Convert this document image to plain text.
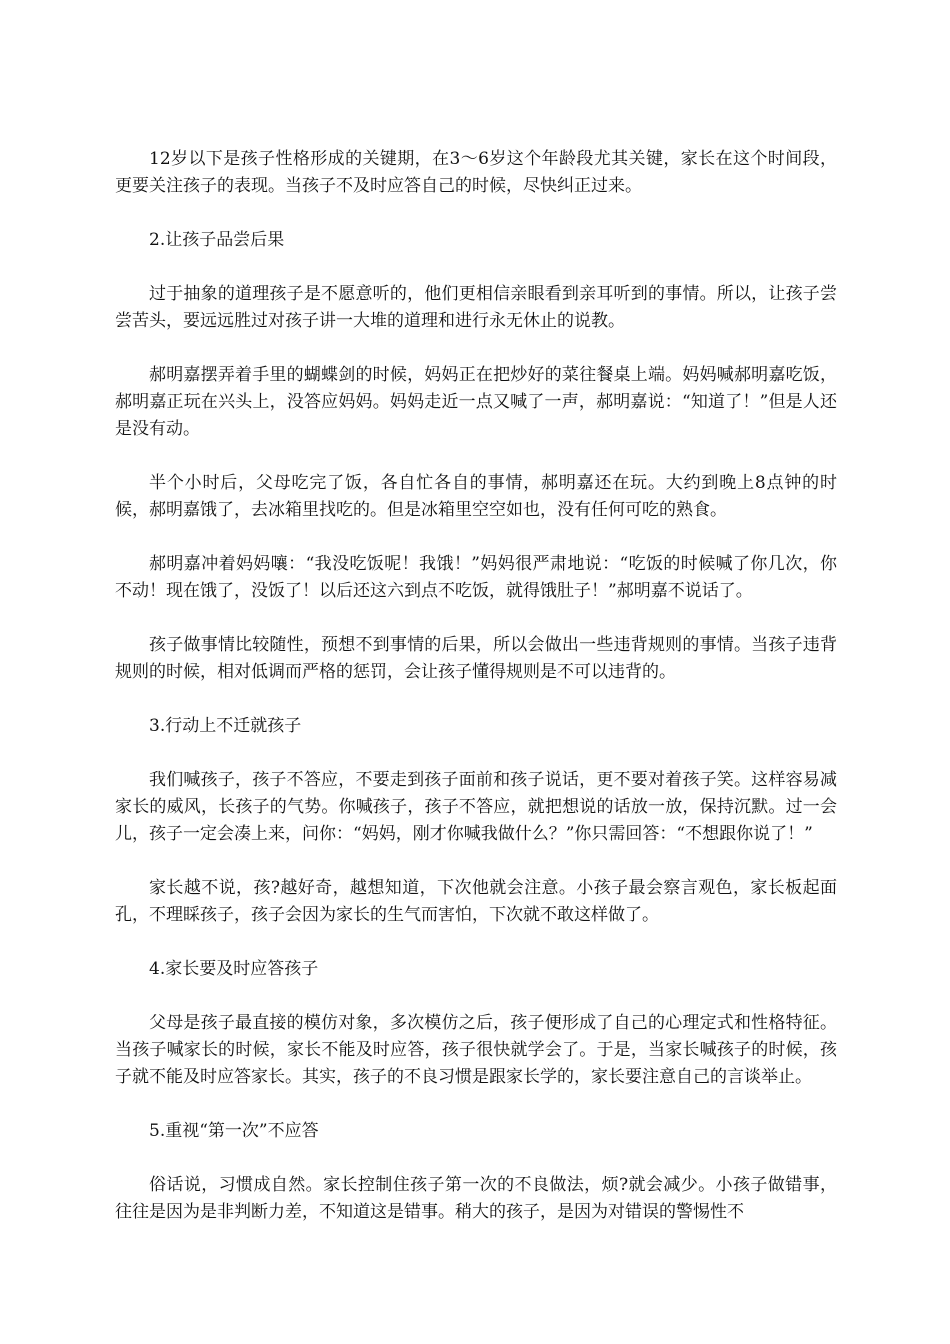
12岁以下是孩子性格形成的关键期，在3～6岁这个年龄段尤其关键，家长在这个时间段，更要关注孩子的表现。当孩子不及时应答自己的时候，尽快纠正过来。

2.让孩子品尝后果

过于抽象的道理孩子是不愿意听的，他们更相信亲眼看到亲耳听到的事情。所以，让孩子尝尝苦头，要远远胜过对孩子讲一大堆的道理和进行永无休止的说教。

郝明嘉摆弄着手里的蝴蝶剑的时候，妈妈正在把炒好的菜往餐桌上端。妈妈喊郝明嘉吃饭，郝明嘉正玩在兴头上，没答应妈妈。妈妈走近一点又喊了一声，郝明嘉说：“知道了！”但是人还是没有动。

半个小时后，父母吃完了饭，各自忙各自的事情，郝明嘉还在玩。大约到晚上8点钟的时候，郝明嘉饿了，去冰箱里找吃的。但是冰箱里空空如也，没有任何可吃的熟食。

郝明嘉冲着妈妈嚷：“我没吃饭呢！我饿！”妈妈很严肃地说：“吃饭的时候喊了你几次，你不动！现在饿了，没饭了！以后还这六到点不吃饭，就得饿肚子！”郝明嘉不说话了。

孩子做事情比较随性，预想不到事情的后果，所以会做出一些违背规则的事情。当孩子违背规则的时候，相对低调而严格的惩罚，会让孩子懂得规则是不可以违背的。

3.行动上不迁就孩子

我们喊孩子，孩子不答应，不要走到孩子面前和孩子说话，更不要对着孩子笑。这样容易减家长的威风，长孩子的气势。你喊孩子，孩子不答应，就把想说的话放一放，保持沉默。过一会儿，孩子一定会凑上来，问你：“妈妈，刚才你喊我做什么？”你只需回答：“不想跟你说了！”

家长越不说，孩?越好奇，越想知道，下次他就会注意。小孩子最会察言观色，家长板起面孔，不理睬孩子，孩子会因为家长的生气而害怕，下次就不敢这样做了。

4.家长要及时应答孩子

父母是孩子最直接的模仿对象，多次模仿之后，孩子便形成了自己的心理定式和性格特征。当孩子喊家长的时候，家长不能及时应答，孩子很快就学会了。于是，当家长喊孩子的时候，孩子就不能及时应答家长。其实，孩子的不良习惯是跟家长学的，家长要注意自己的言谈举止。

5.重视“第一次”不应答

俗话说，习惯成自然。家长控制住孩子第一次的不良做法，烦?就会减少。小孩子做错事，往往是因为是非判断力差，不知道这是错事。稍大的孩子，是因为对错误的警惕性不
